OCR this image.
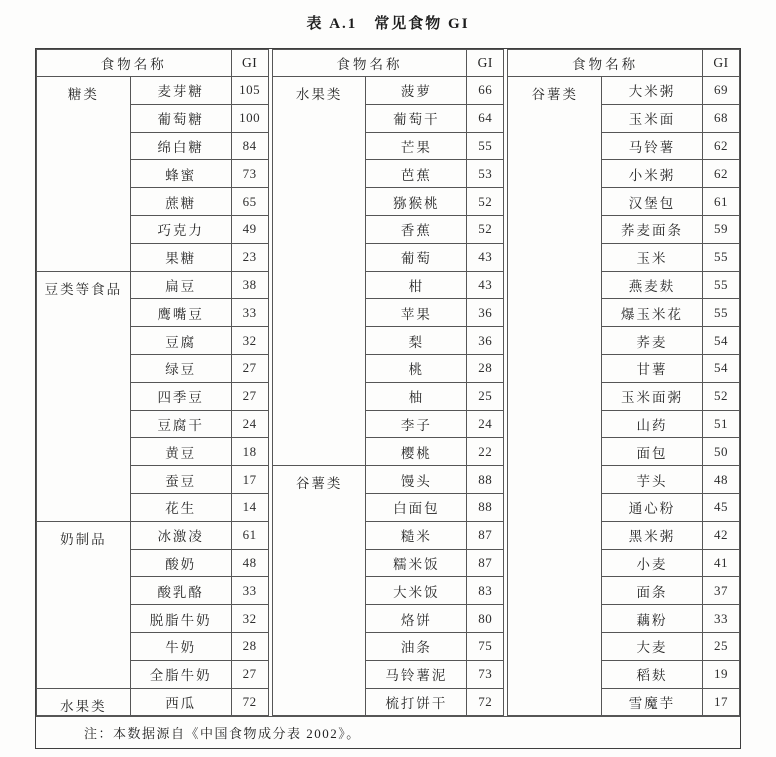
表 A.1　常见食物 GI
食物名称		GI
糖类	麦芽糖	105
	葡萄糖	100
	绵白糖	84
	蜂蜜	73
	蔗糖	65
	巧克力	49
	果糖	23
豆类等食品	扁豆	38
	鹰嘴豆	33
	豆腐	32
	绿豆	27
	四季豆	27
	豆腐干	24
	黄豆	18
	蚕豆	17
	花生	14
奶制品	冰激凌	61
	酸奶	48
	酸乳酪	33
	脱脂牛奶	32
	牛奶	28
	全脂牛奶	27
水果类	西瓜	72
食物名称		GI
水果类	菠萝	66
	葡萄干	64
	芒果	55
	芭蕉	53
	猕猴桃	52
	香蕉	52
	葡萄	43
	柑	43
	苹果	36
	梨	36
	桃	28
	柚	25
	李子	24
	樱桃	22
谷薯类	馒头	88
	白面包	88
	糙米	87
	糯米饭	87
	大米饭	83
	烙饼	80
	油条	75
	马铃薯泥	73
	梳打饼干	72
食物名称		GI
谷薯类	大米粥	69
	玉米面	68
	马铃薯	62
	小米粥	62
	汉堡包	61
	荞麦面条	59
	玉米	55
	燕麦麸	55
	爆玉米花	55
	荞麦	54
	甘薯	54
	玉米面粥	52
	山药	51
	面包	50
	芋头	48
	通心粉	45
	黑米粥	42
	小麦	41
	面条	37
	藕粉	33
	大麦	25
	稻麸	19
	雪魔芋	17
注：本数据源自《中国食物成分表 2002》。
